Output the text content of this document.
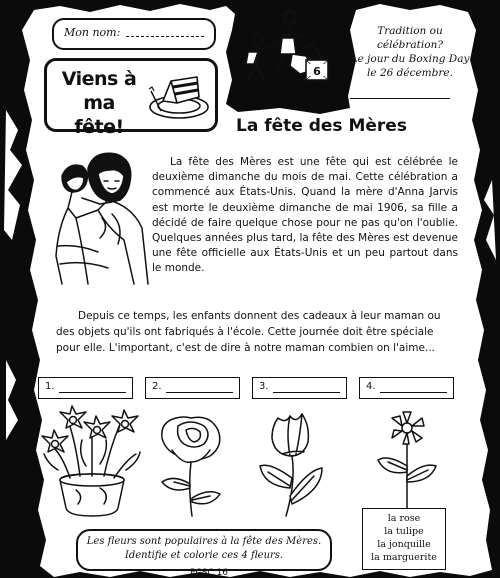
Mon nom:
6
Tradition ou
célébration?
Le jour du Boxing Day
le 26 décembre.
Viens à
ma fête!	La fête des Mères

La fête des Mères est une fête qui est célébrée le deuxième dimanche du mois de mai. Cette célébration a commencé aux États-Unis. Quand la mère d'Anna Jarvis est morte le deuxième dimanche de mai 1906, sa fille a décidé de faire quelque chose pour ne pas qu'on l'oublie. Quelques années plus tard, la fête des Mères est devenue une fête officielle aux États-Unis et un peu partout dans le monde.

Depuis ce temps, les enfants donnent des cadeaux à leur maman ou des objets qu'ils ont fabriqués à l'école. Cette journée doit être spéciale pour elle. L'important, c'est de dire à notre maman combien on l'aime...

1.	2.	3.	4.
Les fleurs sont populaires à la fête des Mères.
Identifie et colorie ces 4 fleurs.
la rose
la tulipe
la jonquille
la marguerite
PCSC 16
